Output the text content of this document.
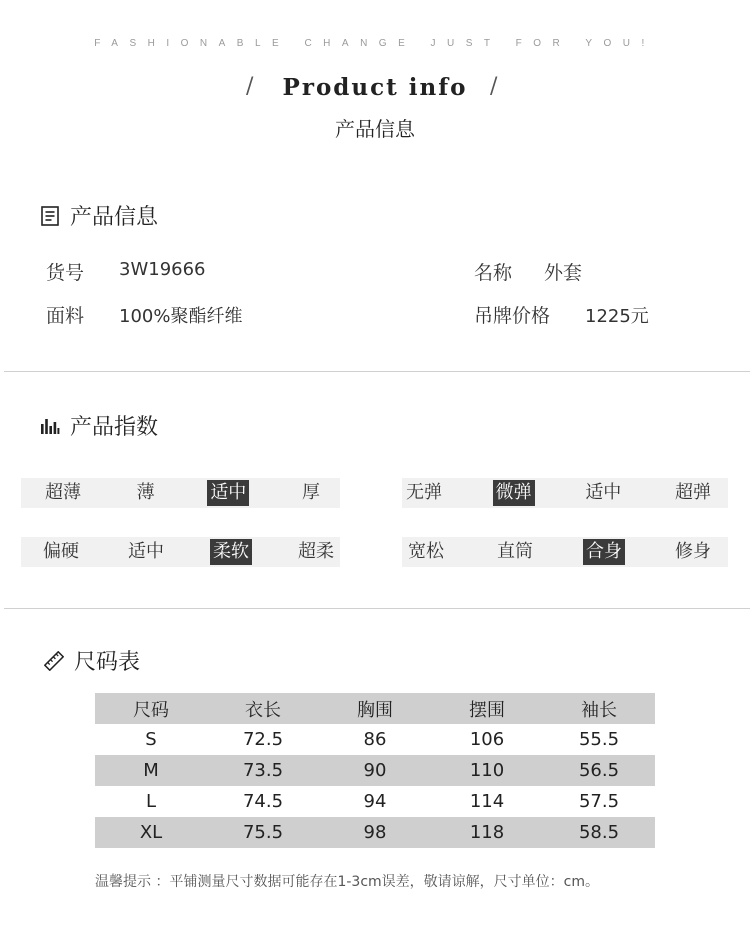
FASHIONABLE CHANGE JUST FOR YOU!
/	Product info	/
产品信息
产品信息
货号 3W19666	名称 外套
面料 100%聚酯纤维	吊牌价格 1225元
产品指数
超薄	薄	适中	厚	无弹	微弹	适中	超弹
偏硬	适中	柔软	超柔	宽松	直筒	合身	修身
尺码表
尺码	衣长	胸围	摆围	袖长
S	72.5	86	106	55.5
M	73.5	90	110	56.5
L	74.5	94	114	57.5
XL	75.5	98	118	58.5
温馨提示 ：平铺测量尺寸数据可能存在1-3cm误差，敬请谅解，尺寸单位：cm。
